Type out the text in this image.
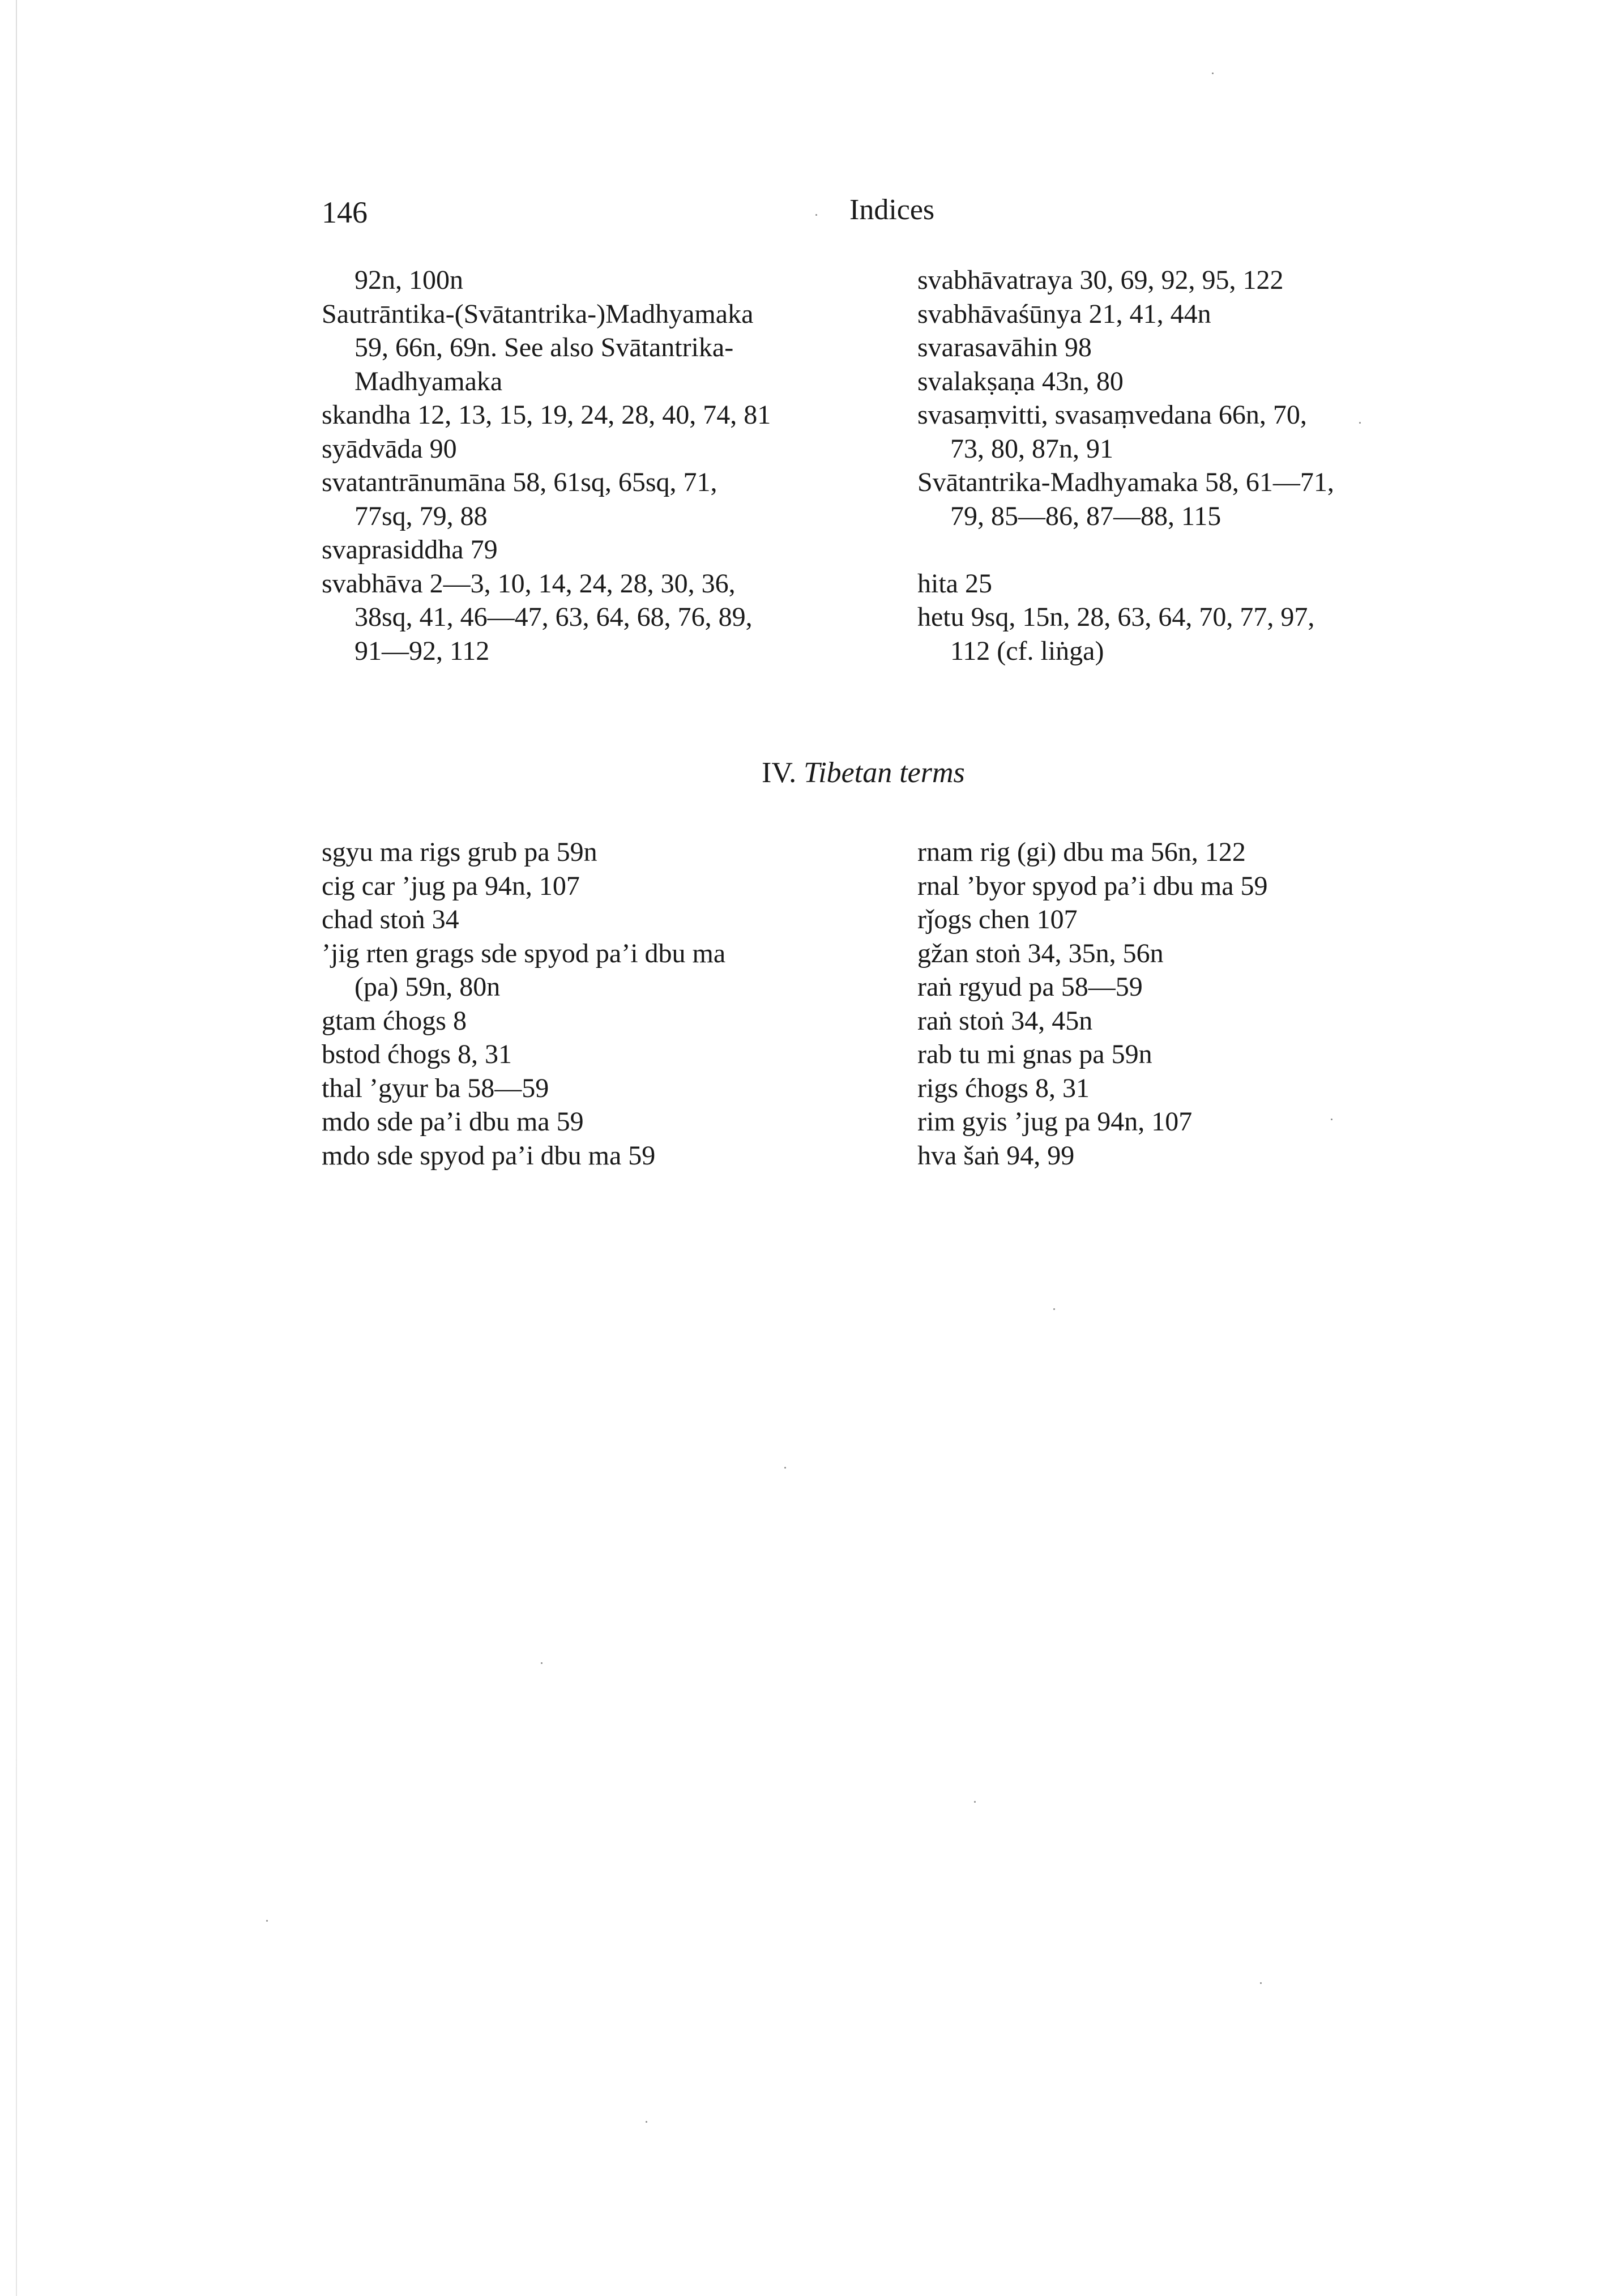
146	Indices
92n, 100n
Sautrāntika-(Svātantrika-)Madhyamaka
59, 66n, 69n. See also Svātantrika-
Madhyamaka
skandha 12, 13, 15, 19, 24, 28, 40, 74, 81
syādvāda 90
svatantrānumāna 58, 61sq, 65sq, 71,
77sq, 79, 88
svaprasiddha 79
svabhāva 2—3, 10, 14, 24, 28, 30, 36,
38sq, 41, 46—47, 63, 64, 68, 76, 89,
91—92, 112
svabhāvatraya 30, 69, 92, 95, 122
svabhāvaśūnya 21, 41, 44n
svarasavāhin 98
svalakṣaṇa 43n, 80
svasaṃvitti, svasaṃvedana 66n, 70,
73, 80, 87n, 91
Svātantrika-Madhyamaka 58, 61—71,
79, 85—86, 87—88, 115
hita 25
hetu 9sq, 15n, 28, 63, 64, 70, 77, 97,
112 (cf. liṅga)
IV. Tibetan terms
sgyu ma rigs grub pa 59n
cig car ’jug pa 94n, 107
chad stoṅ 34
’jig rten grags sde spyod pa’i dbu ma
(pa) 59n, 80n
gtam ćhogs 8
bstod ćhogs 8, 31
thal ’gyur ba 58—59
mdo sde pa’i dbu ma 59
mdo sde spyod pa’i dbu ma 59
rnam rig (gi) dbu ma 56n, 122
rnal ’byor spyod pa’i dbu ma 59
rǰogs chen 107
gžan stoṅ 34, 35n, 56n
raṅ rgyud pa 58—59
raṅ stoṅ 34, 45n
rab tu mi gnas pa 59n
rigs ćhogs 8, 31
rim gyis ’jug pa 94n, 107
hva šaṅ 94, 99
